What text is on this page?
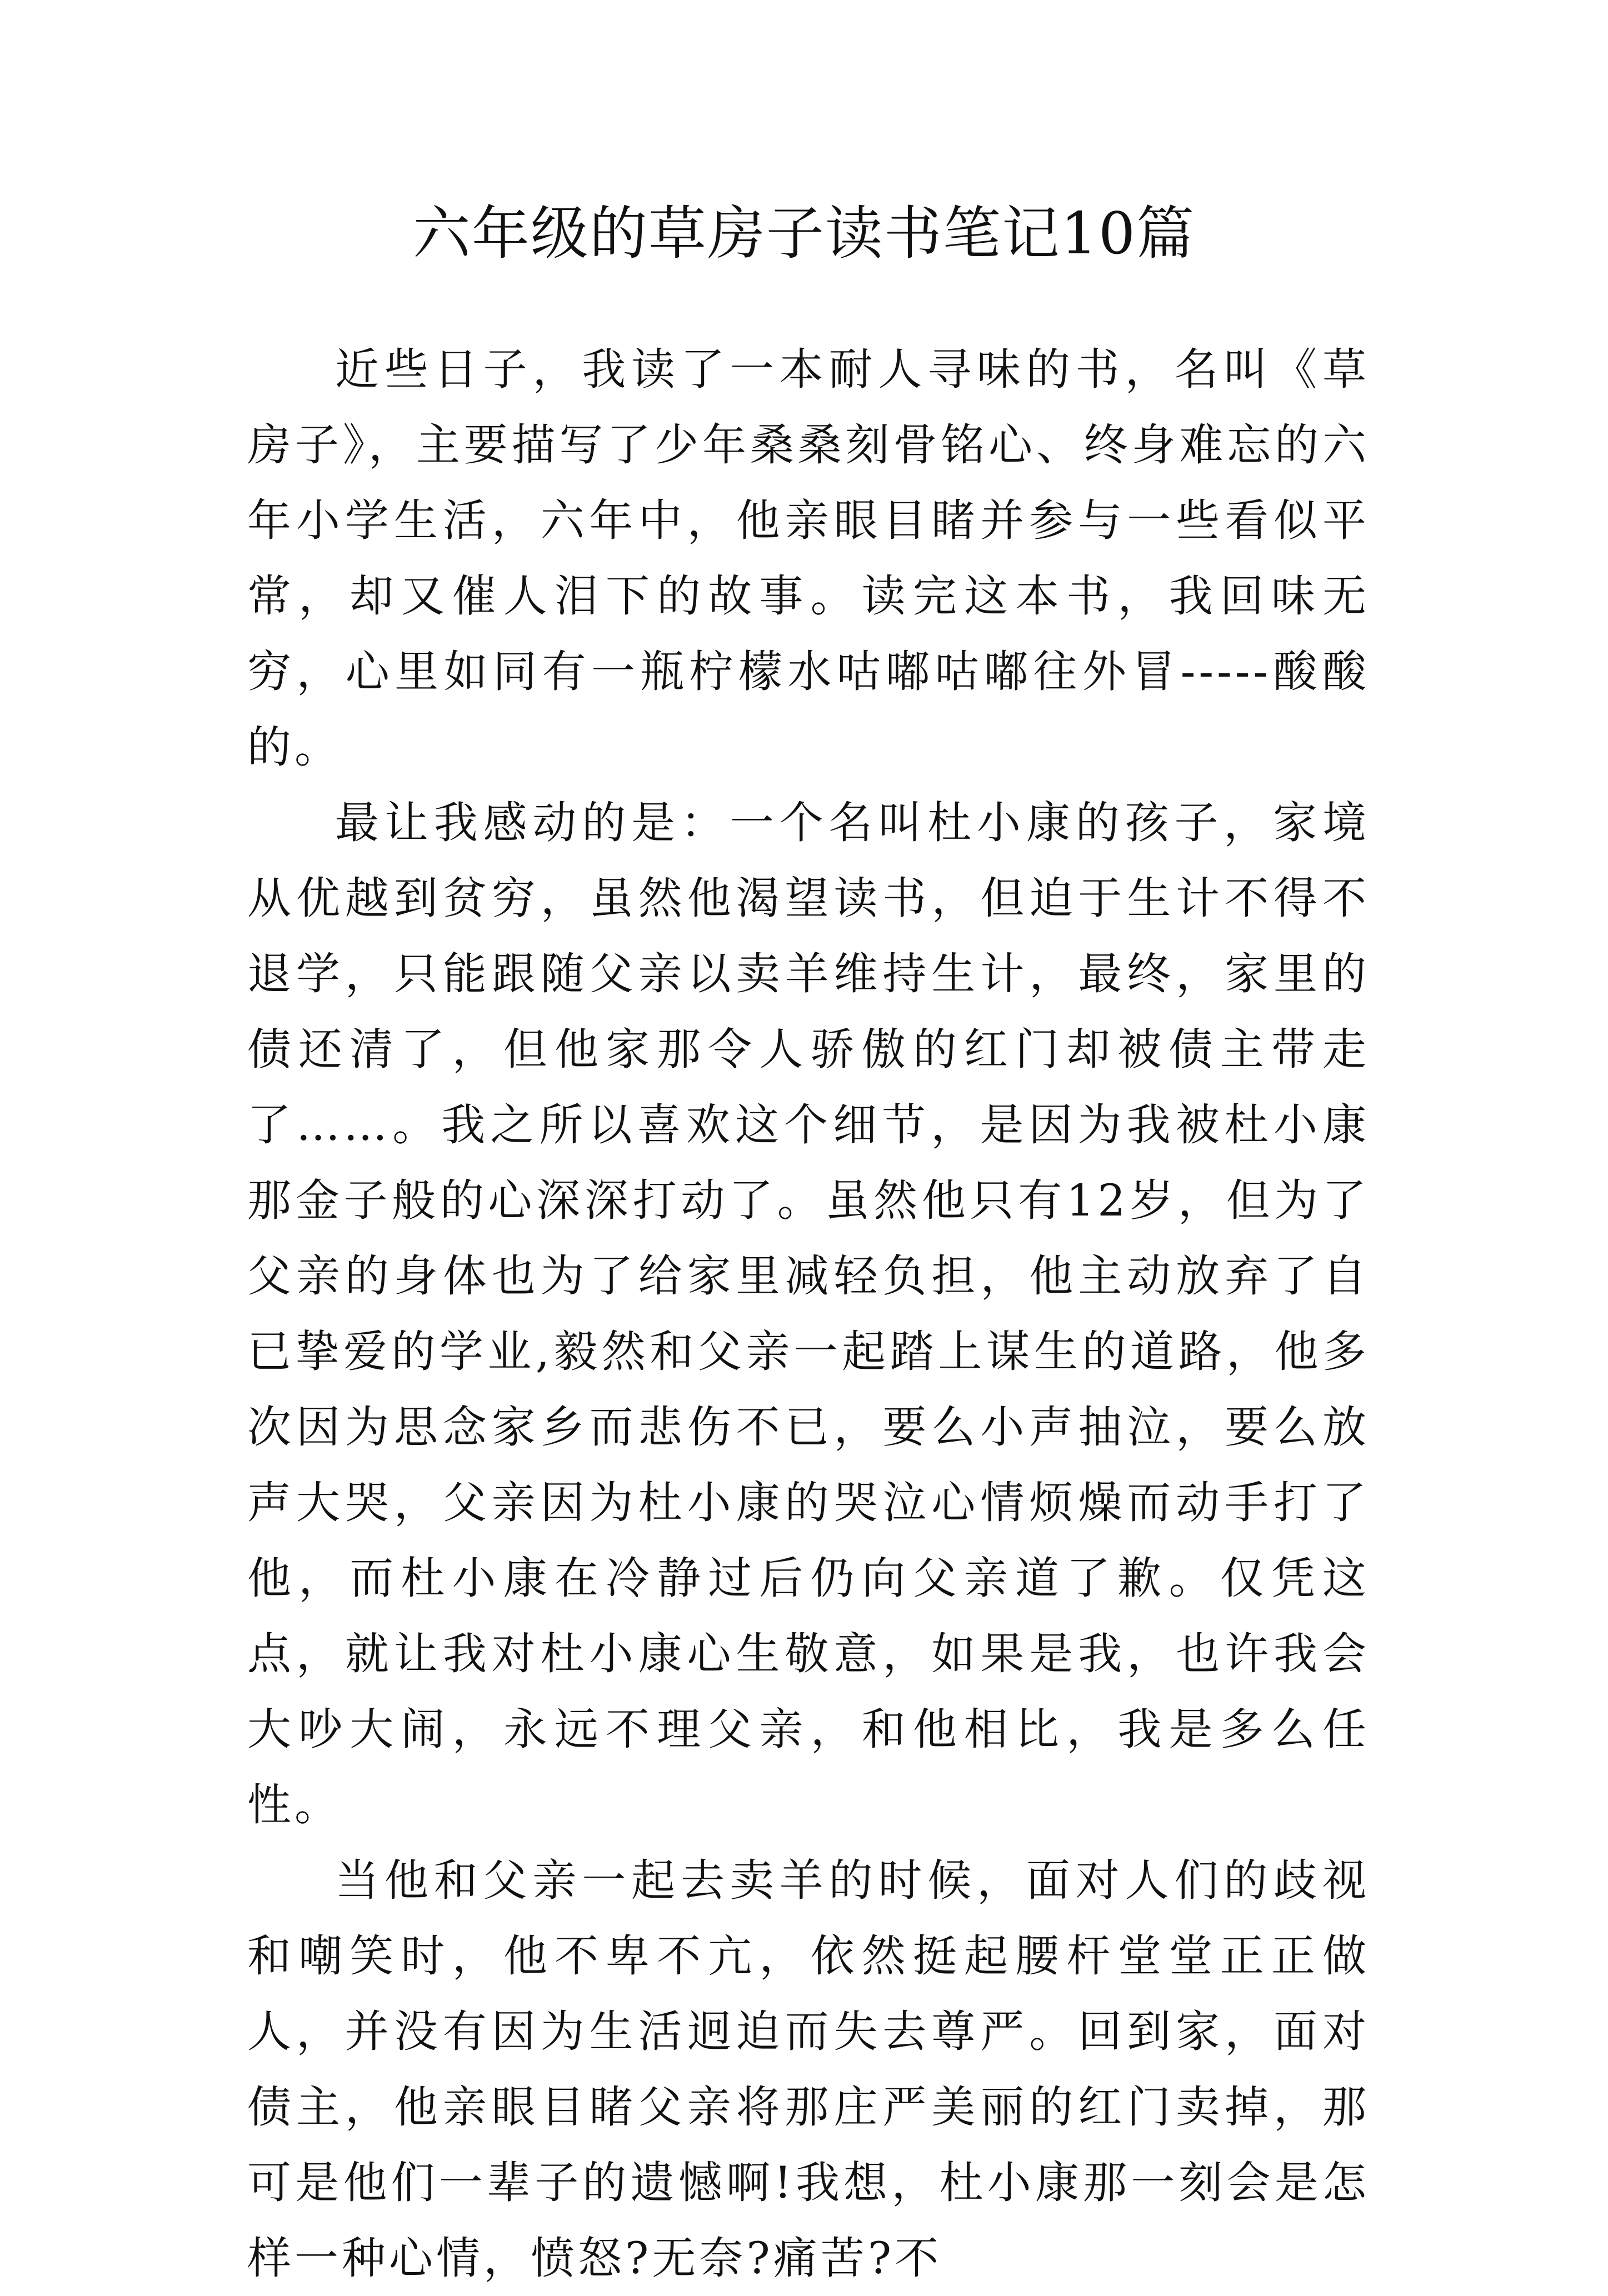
六年级的草房子读书笔记10篇

近些日子，我读了一本耐人寻味的书，名叫《草房子》，主要描写了少年桑桑刻骨铭心、终身难忘的六年小学生活，六年中，他亲眼目睹并参与一些看似平常，却又催人泪下的故事。读完这本书，我回味无穷，心里如同有一瓶柠檬水咕嘟咕嘟往外冒-----酸酸的。

最让我感动的是：一个名叫杜小康的孩子，家境从优越到贫穷，虽然他渴望读书，但迫于生计不得不退学，只能跟随父亲以卖羊维持生计，最终，家里的债还清了，但他家那令人骄傲的红门却被债主带走了……。我之所以喜欢这个细节，是因为我被杜小康那金子般的心深深打动了。虽然他只有12岁，但为了父亲的身体也为了给家里减轻负担，他主动放弃了自已挚爱的学业,毅然和父亲一起踏上谋生的道路，他多次因为思念家乡而悲伤不已，要么小声抽泣，要么放声大哭，父亲因为杜小康的哭泣心情烦燥而动手打了他，而杜小康在冷静过后仍向父亲道了歉。仅凭这点，就让我对杜小康心生敬意，如果是我，也许我会大吵大闹，永远不理父亲，和他相比，我是多么任性。

当他和父亲一起去卖羊的时候，面对人们的歧视和嘲笑时，他不卑不亢，依然挺起腰杆堂堂正正做人，并没有因为生活迥迫而失去尊严。回到家，面对债主，他亲眼目睹父亲将那庄严美丽的红门卖掉，那可是他们一辈子的遗憾啊!我想，杜小康那一刻会是怎样一种心情，愤怒?无奈?痛苦?不
